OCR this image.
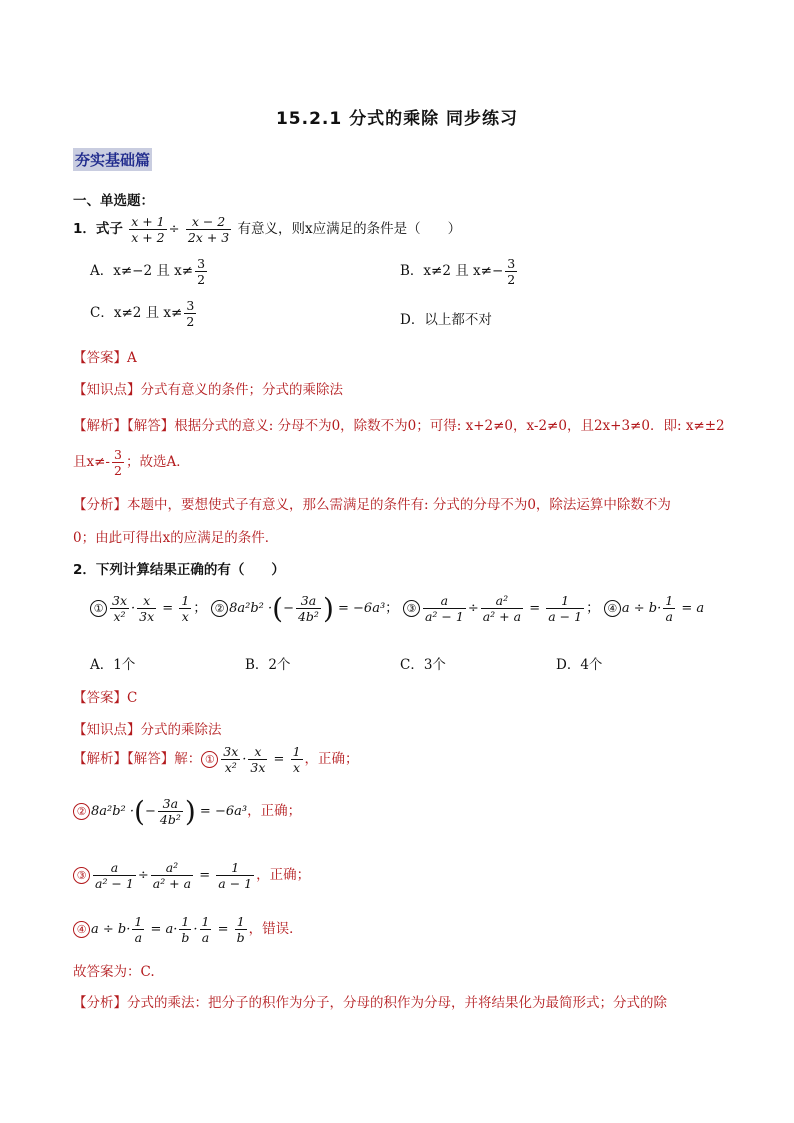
15.2.1 分式的乘除 同步练习
夯实基础篇
一、单选题：
1．式子 $\frac{x + 1}{x + 2} \div \frac{x - 2}{2x + 3}$ 有意义，则x应满足的条件是（　　）
A．x≠−2 且 $x\ne \frac{3}{2}$	B．x≠2 且 $x\ne- \frac{3}{2}$
C．x≠2 且 $x\ne \frac{3}{2}$	D．以上都不对
【答案】A
【知识点】分式有意义的条件；分式的乘除法
【解析】【解答】根据分式的意义: 分母不为0，除数不为0；可得: x+2≠0，x-2≠0，且2x+3≠0．即: x≠±2
且$x\ne- \frac{3}{2}$ ；故选A．
【分析】本题中，要想使式子有意义，那么需满足的条件有: 分式的分母不为0，除法运算中除数不为
0；由此可得出x的应满足的条件．
2．下列计算结果正确的有（　　）
① $\frac{3x}{\text{x²}} \cdot \frac{x}{3x} = \frac{1}{x}$ ； ② 8a²b² ·(− $\frac{3a}{\text{4b²}}$ ) = −6a³； ③ $\frac{a}{\text{a² − 1}} \div \frac{\text{a²}}{\text{a² + a}} = \frac{1}{a - 1}$ ； ④ $a \div b\cdot \frac{1}{a} = a$
A．1个	B．2个	C．3个	D．4个
【答案】C
【知识点】分式的乘除法
【解析】【解答】解： ① $\frac{3x}{\text{x²}} \cdot \frac{x}{3x} = \frac{1}{x}$ ，正确；
② 8a²b² ·(− $\frac{3a}{\text{4b²}}$ ) = −6a³，正确；
③ $\frac{a}{\text{a² − 1}} \div \frac{\text{a²}}{\text{a² + a}} = \frac{1}{a - 1}$ ，正确；
④ $a \div b\cdot \frac{1}{a} = a\cdot \frac{1}{b} \cdot \frac{1}{a} = \frac{1}{b}$ ，错误．
故答案为：C.
【分析】分式的乘法：把分子的积作为分子，分母的积作为分母，并将结果化为最简形式；分式的除
